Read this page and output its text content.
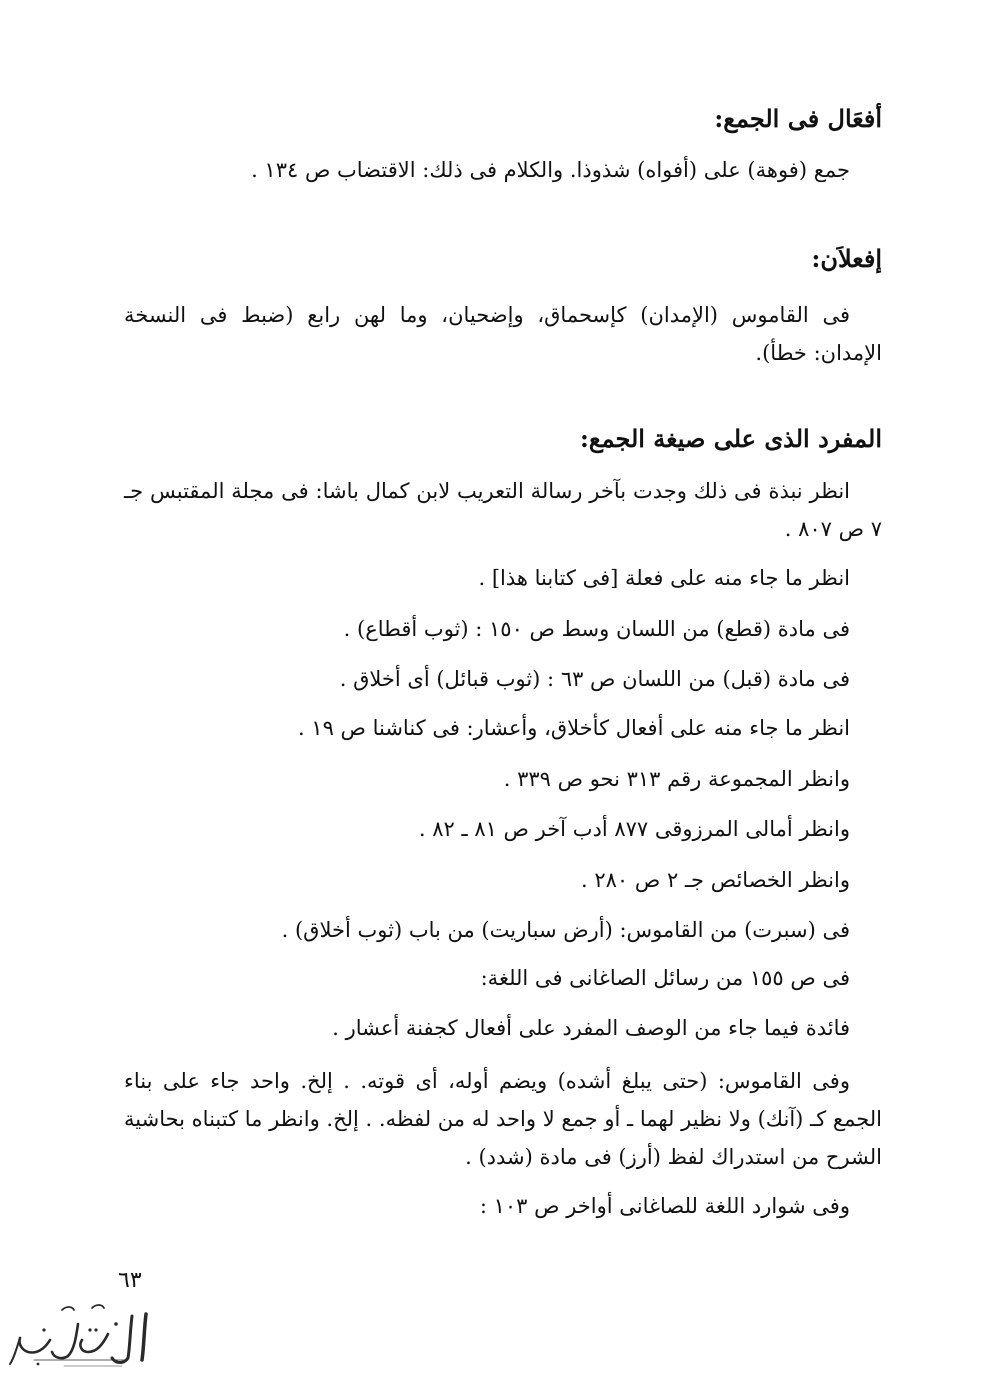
أفعَال فى الجمع:

جمع (فوهة) على (أفواه) شذوذا. والكلام فى ذلك: الاقتضاب ص ١٣٤ .

إفعلاَن:

فى القاموس (الإمدان) كإسحماق، وإضحيان، وما لهن رابع (ضبط فى النسخة الإمدان: خطأ).

المفرد الذى على صيغة الجمع:

انظر نبذة فى ذلك وجدت بآخر رسالة التعريب لابن كمال باشا: فى مجلة المقتبس جـ ٧ ص ٨٠٧ .

انظر ما جاء منه على فعلة [فى كتابنا هذا] .

فى مادة (قطع) من اللسان وسط ص ١٥٠ : (ثوب أقطاع) .

فى مادة (قبل) من اللسان ص ٦٣ : (ثوب قبائل) أى أخلاق .

انظر ما جاء منه على أفعال كأخلاق، وأعشار: فى كناشنا ص ١٩ .

وانظر المجموعة رقم ٣١٣ نحو ص ٣٣٩ .

وانظر أمالى المرزوقى ٨٧٧ أدب آخر ص ٨١ ـ ٨٢ .

وانظر الخصائص جـ ٢ ص ٢٨٠ .

فى (سبرت) من القاموس: (أرض سباريت) من باب (ثوب أخلاق) .

فى ص ١٥٥ من رسائل الصاغانى فى اللغة:

فائدة فيما جاء من الوصف المفرد على أفعال كجفنة أعشار .

وفى القاموس: (حتى يبلغ أشده) ويضم أوله، أى قوته. . إلخ. واحد جاء على بناء الجمع كـ (آنك) ولا نظير لهما ـ أو جمع لا واحد له من لفظه. . إلخ. وانظر ما كتبناه بحاشية الشرح من استدراك لفظ (أرز) فى مادة (شدد) .

وفى شوارد اللغة للصاغانى أواخر ص ١٠٣ :

٦٣
